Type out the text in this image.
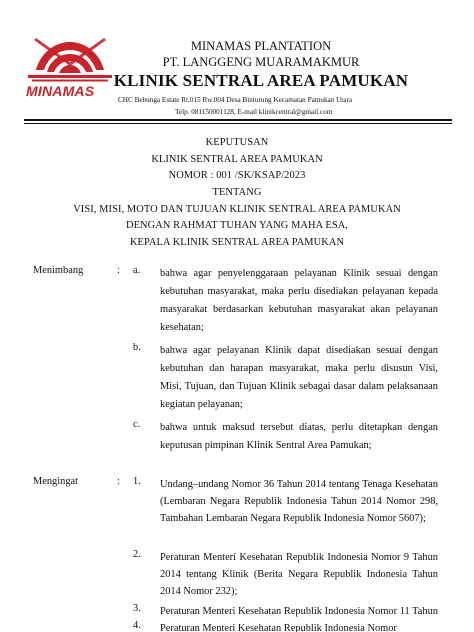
MINAMAS
MINAMAS PLANTATION
PT. LANGGENG MUARAMAKMUR
KLINIK SENTRAL AREA PAMUKAN
CHC Bebunga Estate Rt.015 Rw.004 Desa Binturung Kecamatan Pamukan Utara
Telp. 081150001128, E-mail klinikcentral@gmail.com
KEPUTUSAN
KLINIK SENTRAL AREA PAMUKAN
NOMOR : 001 /SK/KSAP/2023
TENTANG
VISI, MISI, MOTO DAN TUJUAN KLINIK SENTRAL AREA PAMUKAN
DENGAN RAHMAT TUHAN YANG MAHA ESA,
KEPALA KLINIK SENTRAL AREA PAMUKAN
Menimbang	: a. bahwa agar penyelenggaraan pelayanan Klinik sesuai dengan kebutuhan masyarakat, maka perlu disediakan pelayanan kepada masyarakat berdasarkan kebutuhan masyarakat akan pelayanan kesehatan;
b. bahwa agar pelayanan Klinik dapat disediakan sesuai dengan kebutuhan dan harapan masyarakat, maka perlu disusun Visi, Misi, Tujuan, dan Tujuan Klinik sebagai dasar dalam pelaksanaan kegiatan pelayanan;
c. bahwa untuk maksud tersebut diatas, perlu ditetapkan dengan keputusan pimpinan Klinik Sentral Area Pamukan;
Mengingat	: 1. Undang–undang Nomor 36 Tahun 2014 tentang Tenaga Kesehatan (Lembaran Negara Republik Indonesia Tahun 2014 Nomor 298, Tambahan Lembaran Negara Republik Indonesia Nomor 5607);
2. Peraturan Menteri Kesehatan Republik Indonesia Nomor 9 Tahun 2014 tentang Klinik (Berita Negara Republik Indonesia Tahun 2014 Nomor 232);
3. Peraturan Menteri Kesehatan Republik Indonesia Nomor 11 Tahun
4. Peraturan Menteri Kesehatan Republik Indonesia Nomor
